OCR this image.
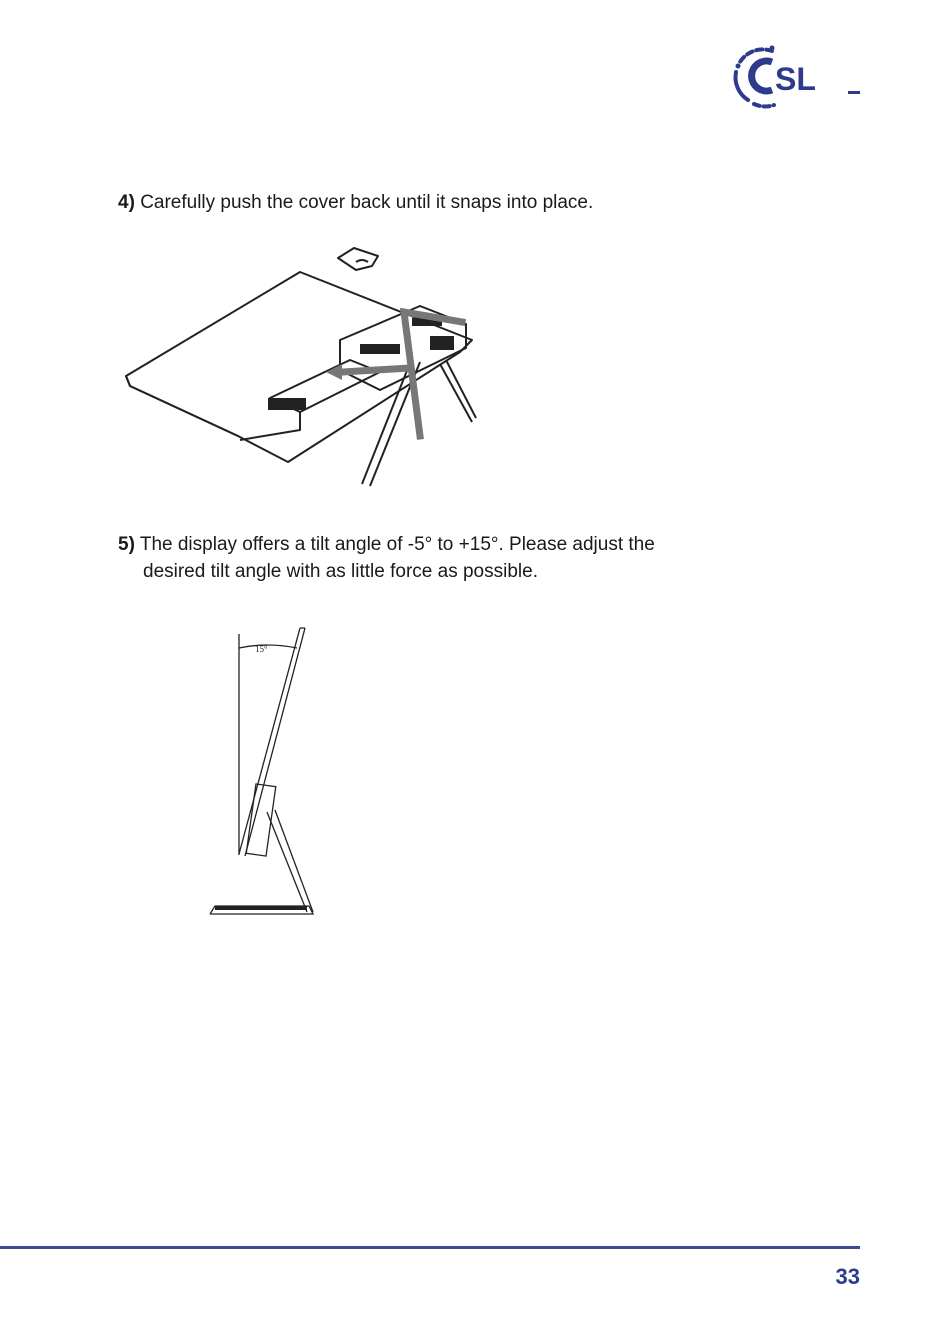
SL
4) Carefully push the cover back until it snaps into place.
5) The display offers a tilt angle of -5° to +15°. Please adjust the
desired tilt angle with as little force as possible.
15°
33
